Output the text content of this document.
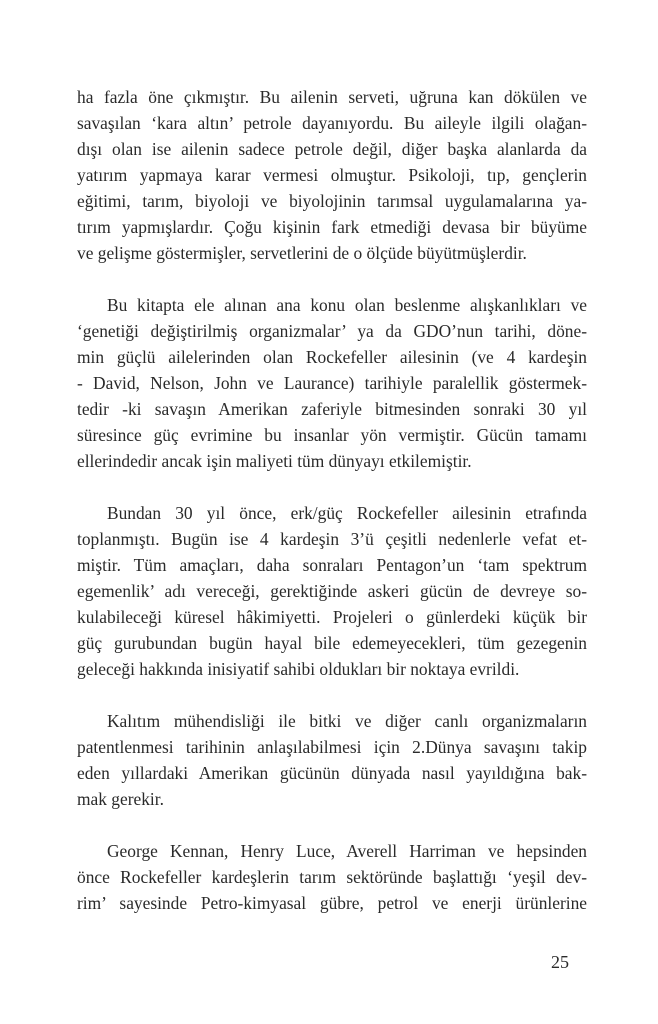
ha fazla öne çıkmıştır. Bu ailenin serveti, uğruna kan dökülen ve
savaşılan ‘kara altın’ petrole dayanıyordu. Bu aileyle ilgili olağan-
dışı olan ise ailenin sadece petrole değil, diğer başka alanlarda da
yatırım yapmaya karar vermesi olmuştur. Psikoloji, tıp, gençlerin
eğitimi, tarım, biyoloji ve biyolojinin tarımsal uygulamalarına ya-
tırım yapmışlardır. Çoğu kişinin fark etmediği devasa bir büyüme
ve gelişme göstermişler, servetlerini de o ölçüde büyütmüşlerdir.
Bu kitapta ele alınan ana konu olan beslenme alışkanlıkları ve
‘genetiği değiştirilmiş organizmalar’ ya da GDO’nun tarihi, döne-
min güçlü ailelerinden olan Rockefeller ailesinin (ve 4 kardeşin
- David, Nelson, John ve Laurance) tarihiyle paralellik göstermek-
tedir -ki savaşın Amerikan zaferiyle bitmesinden sonraki 30 yıl
süresince güç evrimine bu insanlar yön vermiştir. Gücün tamamı
ellerindedir ancak işin maliyeti tüm dünyayı etkilemiştir.
Bundan 30 yıl önce, erk/güç Rockefeller ailesinin etrafında
toplanmıştı. Bugün ise 4 kardeşin 3’ü çeşitli nedenlerle vefat et-
miştir. Tüm amaçları, daha sonraları Pentagon’un ‘tam spektrum
egemenlik’ adı vereceği, gerektiğinde askeri gücün de devreye so-
kulabileceği küresel hâkimiyetti. Projeleri o günlerdeki küçük bir
güç gurubundan bugün hayal bile edemeyecekleri, tüm gezegenin
geleceği hakkında inisiyatif sahibi oldukları bir noktaya evrildi.
Kalıtım mühendisliği ile bitki ve diğer canlı organizmaların
patentlenmesi tarihinin anlaşılabilmesi için 2.Dünya savaşını takip
eden yıllardaki Amerikan gücünün dünyada nasıl yayıldığına bak-
mak gerekir.
George Kennan, Henry Luce, Averell Harriman ve hepsinden
önce Rockefeller kardeşlerin tarım sektöründe başlattığı ‘yeşil dev-
rim’ sayesinde Petro-kimyasal gübre, petrol ve enerji ürünlerine
25
